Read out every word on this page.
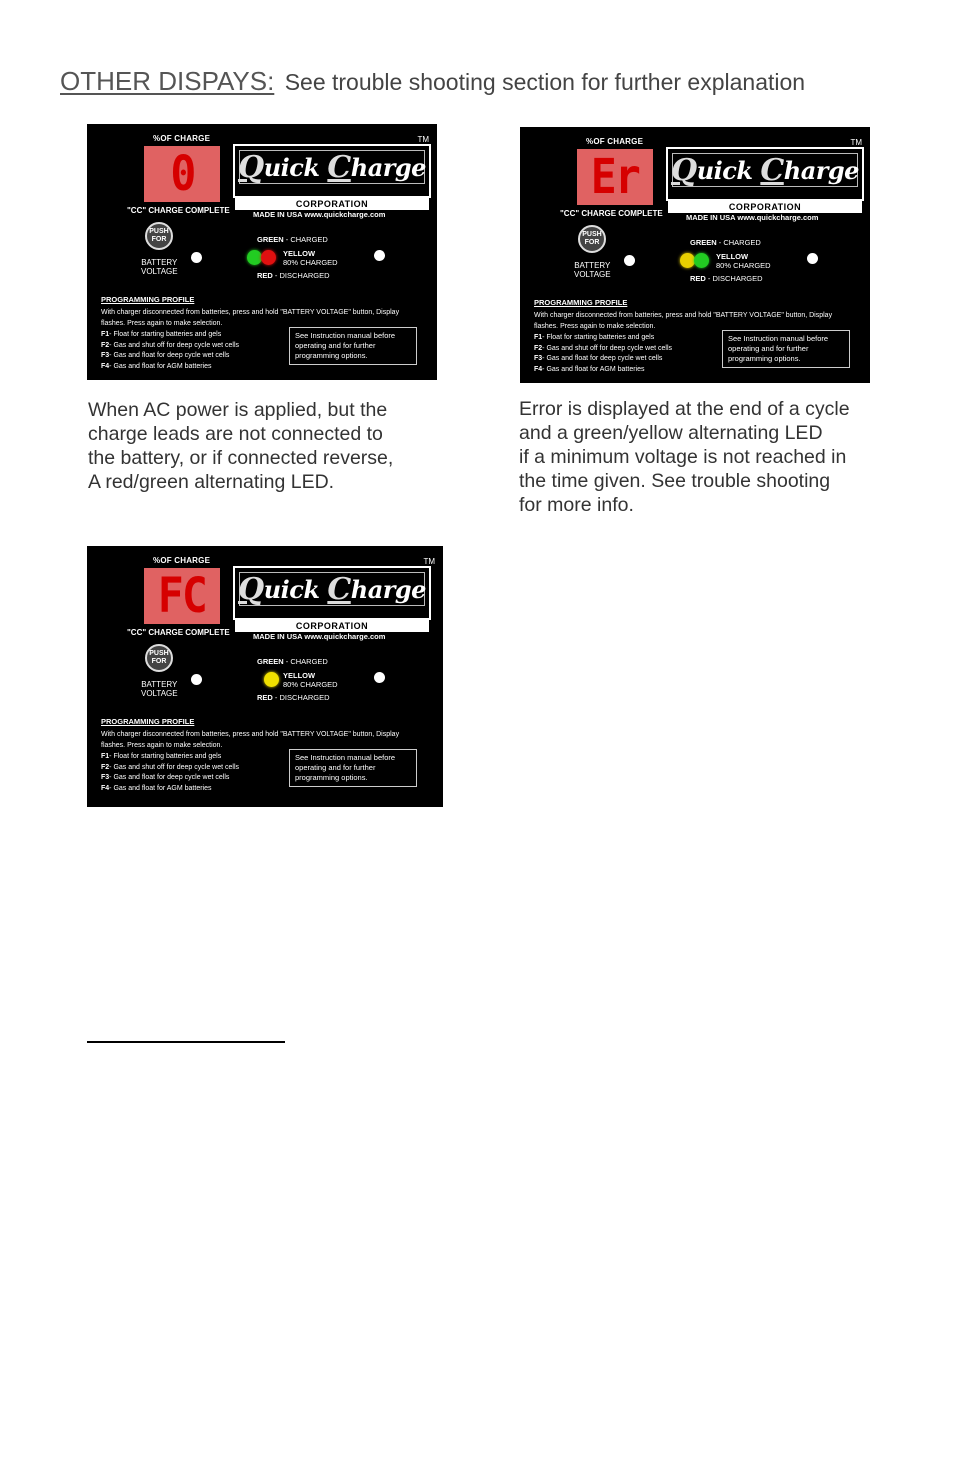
OTHER DISPAYS: See trouble shooting section for further explanation
%OF CHARGE
0
TM
Q uick
C harge
CORPORATION
"CC" CHARGE COMPLETE	MADE IN USA www.quickcharge.com
PUSH
FOR
BATTERY
VOLTAGE
GREEN - CHARGED
YELLOW
80% CHARGED
RED - DISCHARGED
PROGRAMMING PROFILE
With charger disconnected from batteries, press and hold "BATTERY VOLTAGE" button, Display flashes. Press again to make selection.
F1- Float for starting batteries and gels
F2- Gas and shut off for deep cycle wet cells
F3- Gas and float for deep cycle wet cells
F4- Gas and float for AGM batteries
See Instruction manual before operating and for further programming options.
%OF CHARGE
Er
TM
Q uick
C harge
CORPORATION
"CC" CHARGE COMPLETE	MADE IN USA www.quickcharge.com
PUSH
FOR
BATTERY
VOLTAGE
GREEN - CHARGED
YELLOW
80% CHARGED
RED - DISCHARGED
PROGRAMMING PROFILE
With charger disconnected from batteries, press and hold "BATTERY VOLTAGE" button, Display flashes. Press again to make selection.
F1- Float for starting batteries and gels
F2- Gas and shut off for deep cycle wet cells
F3- Gas and float for deep cycle wet cells
F4- Gas and float for AGM batteries
See Instruction manual before operating and for further programming options.
%OF CHARGE
FC
TM
Q uick
C harge
CORPORATION
"CC" CHARGE COMPLETE	MADE IN USA www.quickcharge.com
PUSH
FOR
BATTERY
VOLTAGE
GREEN - CHARGED
YELLOW
80% CHARGED
RED - DISCHARGED
PROGRAMMING PROFILE
With charger disconnected from batteries, press and hold "BATTERY VOLTAGE" button, Display flashes. Press again to make selection.
F1- Float for starting batteries and gels
F2- Gas and shut off for deep cycle wet cells
F3- Gas and float for deep cycle wet cells
F4- Gas and float for AGM batteries
See Instruction manual before operating and for further programming options.
When AC power is applied, but the
charge leads are not connected to
the battery, or if connected reverse,
A red/green alternating LED.
Error is displayed at the end of a cycle
and a green/yellow alternating LED
if a minimum voltage is not reached in
the time given. See trouble shooting
for more info.
